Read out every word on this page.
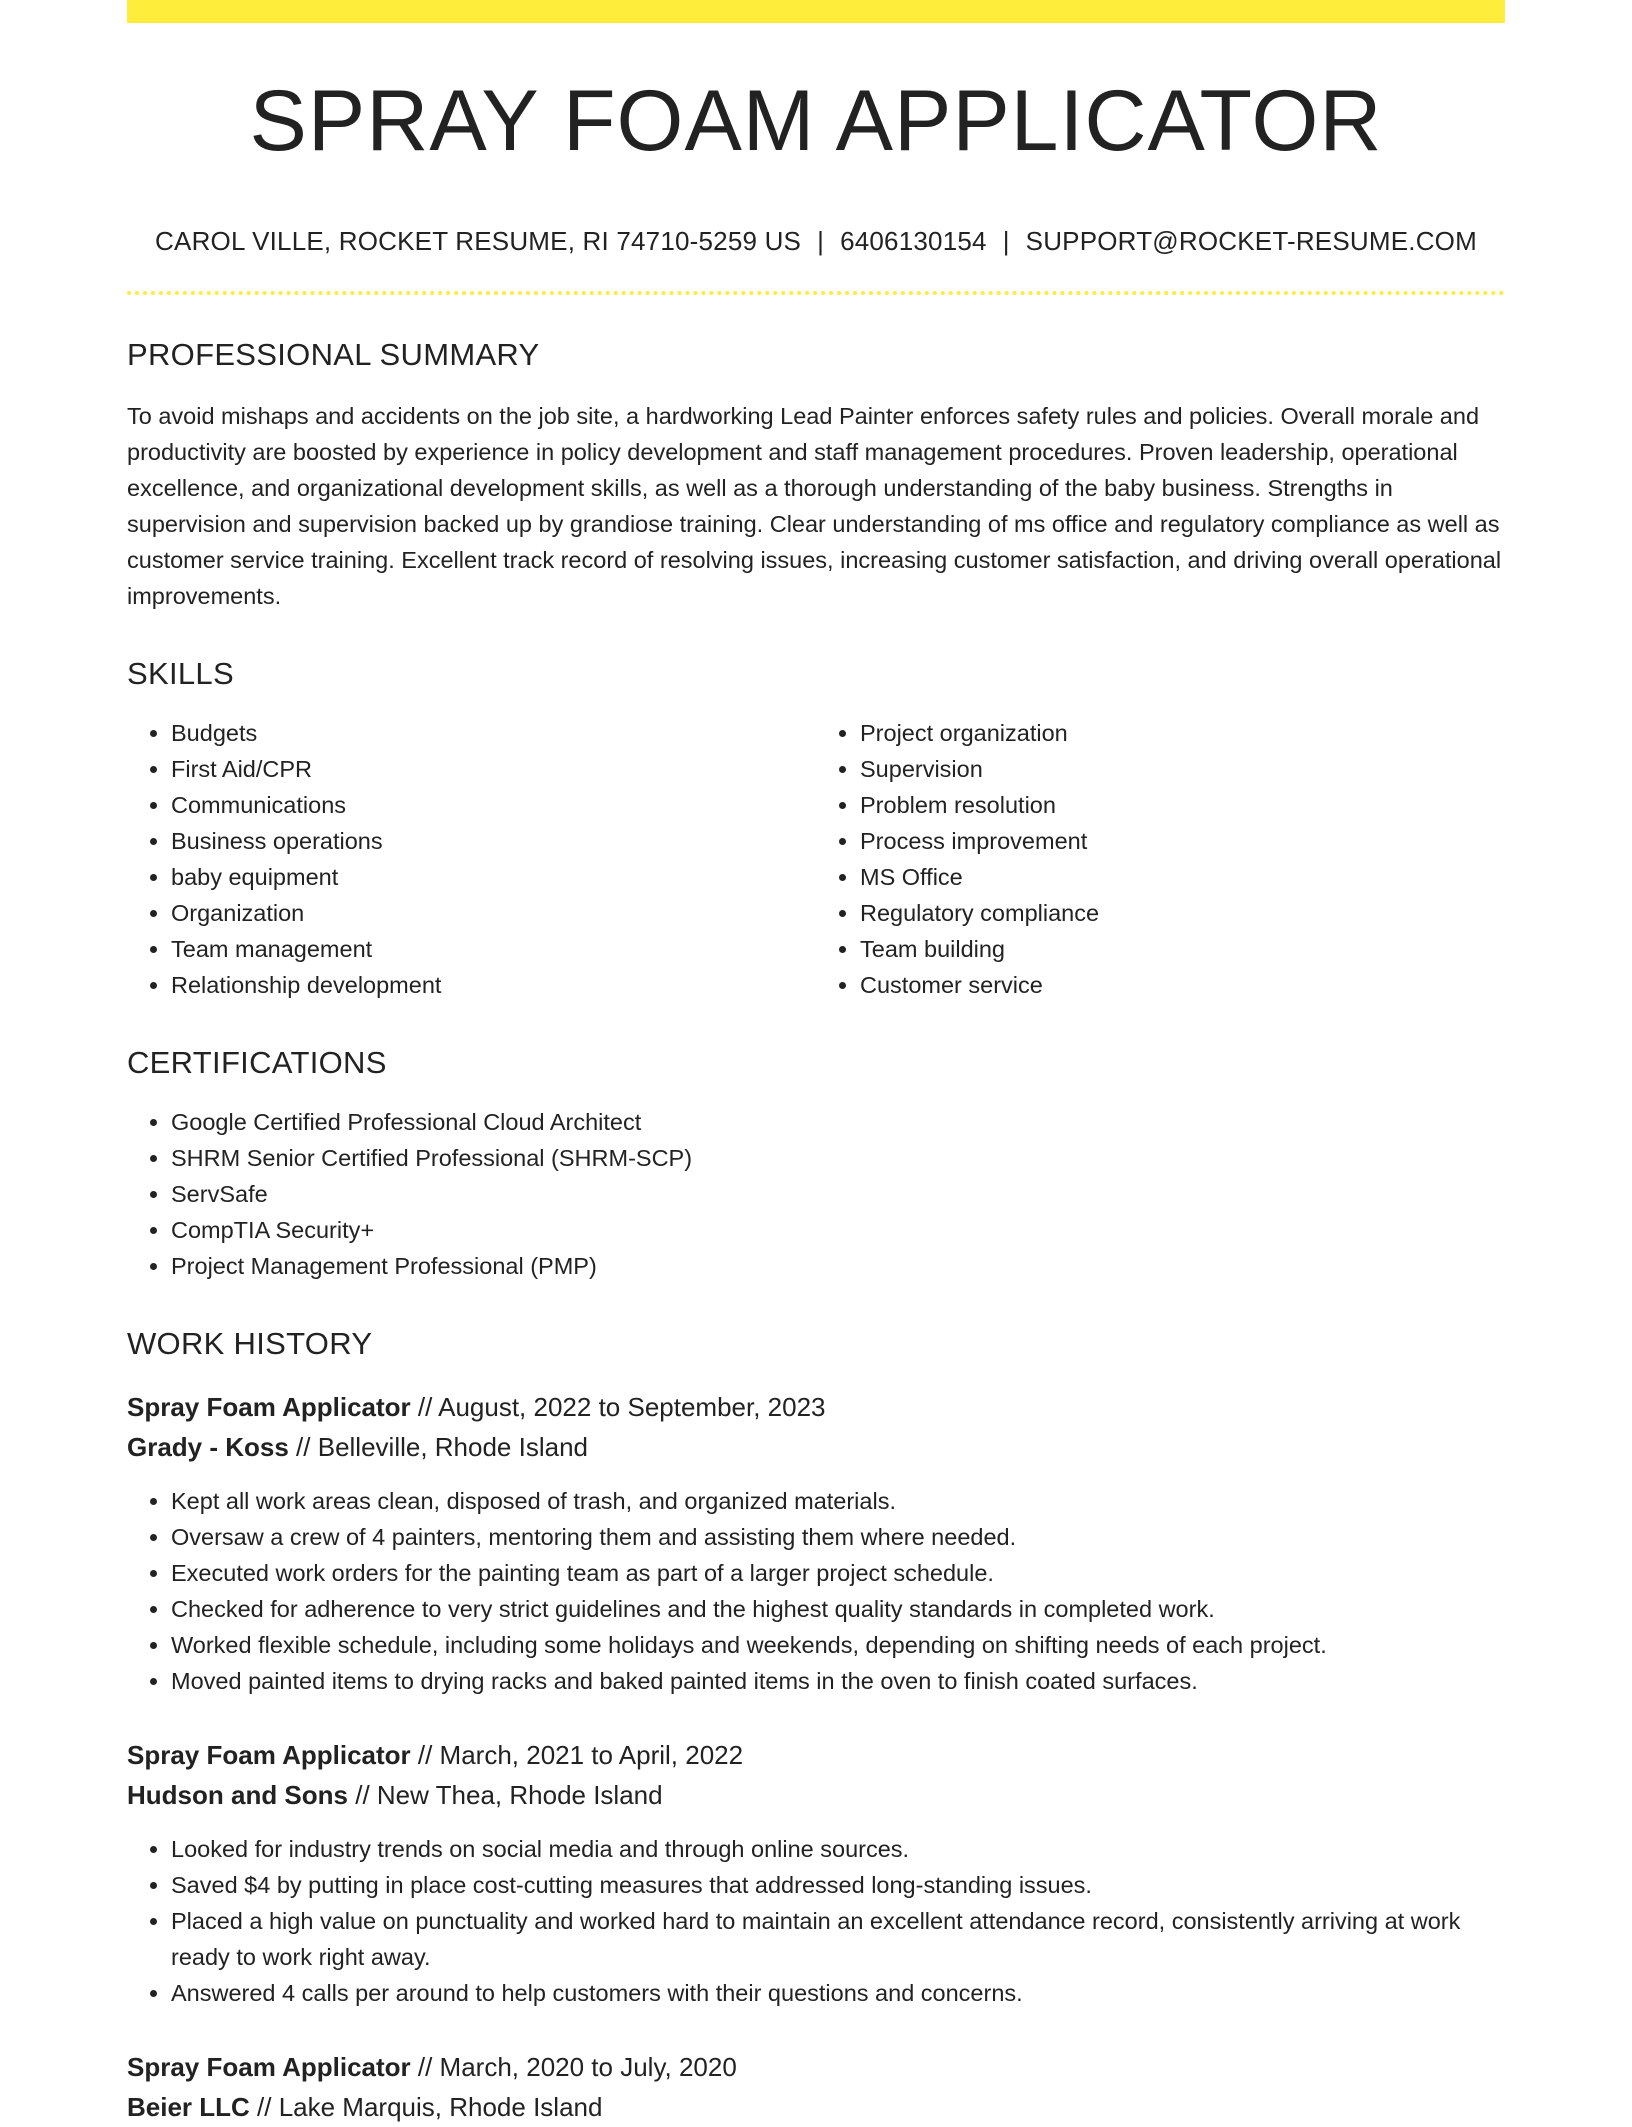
SPRAY FOAM APPLICATOR
CAROL VILLE, ROCKET RESUME, RI 74710-5259 US | 6406130154 | SUPPORT@ROCKET-RESUME.COM
PROFESSIONAL SUMMARY
To avoid mishaps and accidents on the job site, a hardworking Lead Painter enforces safety rules and policies. Overall morale and productivity are boosted by experience in policy development and staff management procedures. Proven leadership, operational excellence, and organizational development skills, as well as a thorough understanding of the baby business. Strengths in supervision and supervision backed up by grandiose training. Clear understanding of ms office and regulatory compliance as well as customer service training. Excellent track record of resolving issues, increasing customer satisfaction, and driving overall operational improvements.
SKILLS
• Budgets
• First Aid/CPR
• Communications
• Business operations
• baby equipment
• Organization
• Team management
• Relationship development
• Project organization
• Supervision
• Problem resolution
• Process improvement
• MS Office
• Regulatory compliance
• Team building
• Customer service
CERTIFICATIONS
• Google Certified Professional Cloud Architect
• SHRM Senior Certified Professional (SHRM-SCP)
• ServSafe
• CompTIA Security+
• Project Management Professional (PMP)
WORK HISTORY
Spray Foam Applicator // August, 2022 to September, 2023
Grady - Koss // Belleville, Rhode Island
• Kept all work areas clean, disposed of trash, and organized materials.
• Oversaw a crew of 4 painters, mentoring them and assisting them where needed.
• Executed work orders for the painting team as part of a larger project schedule.
• Checked for adherence to very strict guidelines and the highest quality standards in completed work.
• Worked flexible schedule, including some holidays and weekends, depending on shifting needs of each project.
• Moved painted items to drying racks and baked painted items in the oven to finish coated surfaces.
Spray Foam Applicator // March, 2021 to April, 2022
Hudson and Sons // New Thea, Rhode Island
• Looked for industry trends on social media and through online sources.
• Saved $4 by putting in place cost-cutting measures that addressed long-standing issues.
• Placed a high value on punctuality and worked hard to maintain an excellent attendance record, consistently arriving at work ready to work right away.
• Answered 4 calls per around to help customers with their questions and concerns.
Spray Foam Applicator // March, 2020 to July, 2020
Beier LLC // Lake Marquis, Rhode Island
